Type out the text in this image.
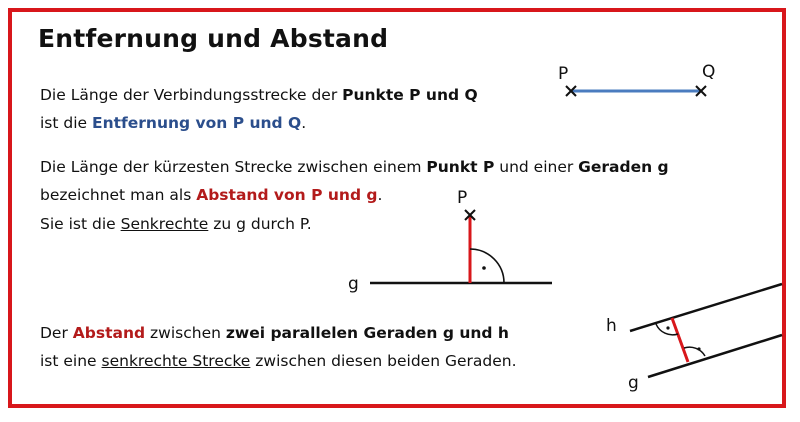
Entfernung und Abstand
Die Länge der Verbindungsstrecke der Punkte P und Q
ist die Entfernung von P und Q.
Die Länge der kürzesten Strecke zwischen einem Punkt P und einer Geraden g
bezeichnet man als Abstand von P und g.
Sie ist die Senkrechte zu g durch P.
Der Abstand zwischen zwei parallelen Geraden g und h
ist eine senkrechte Strecke zwischen diesen beiden Geraden.
P	Q
P
g
h
g
